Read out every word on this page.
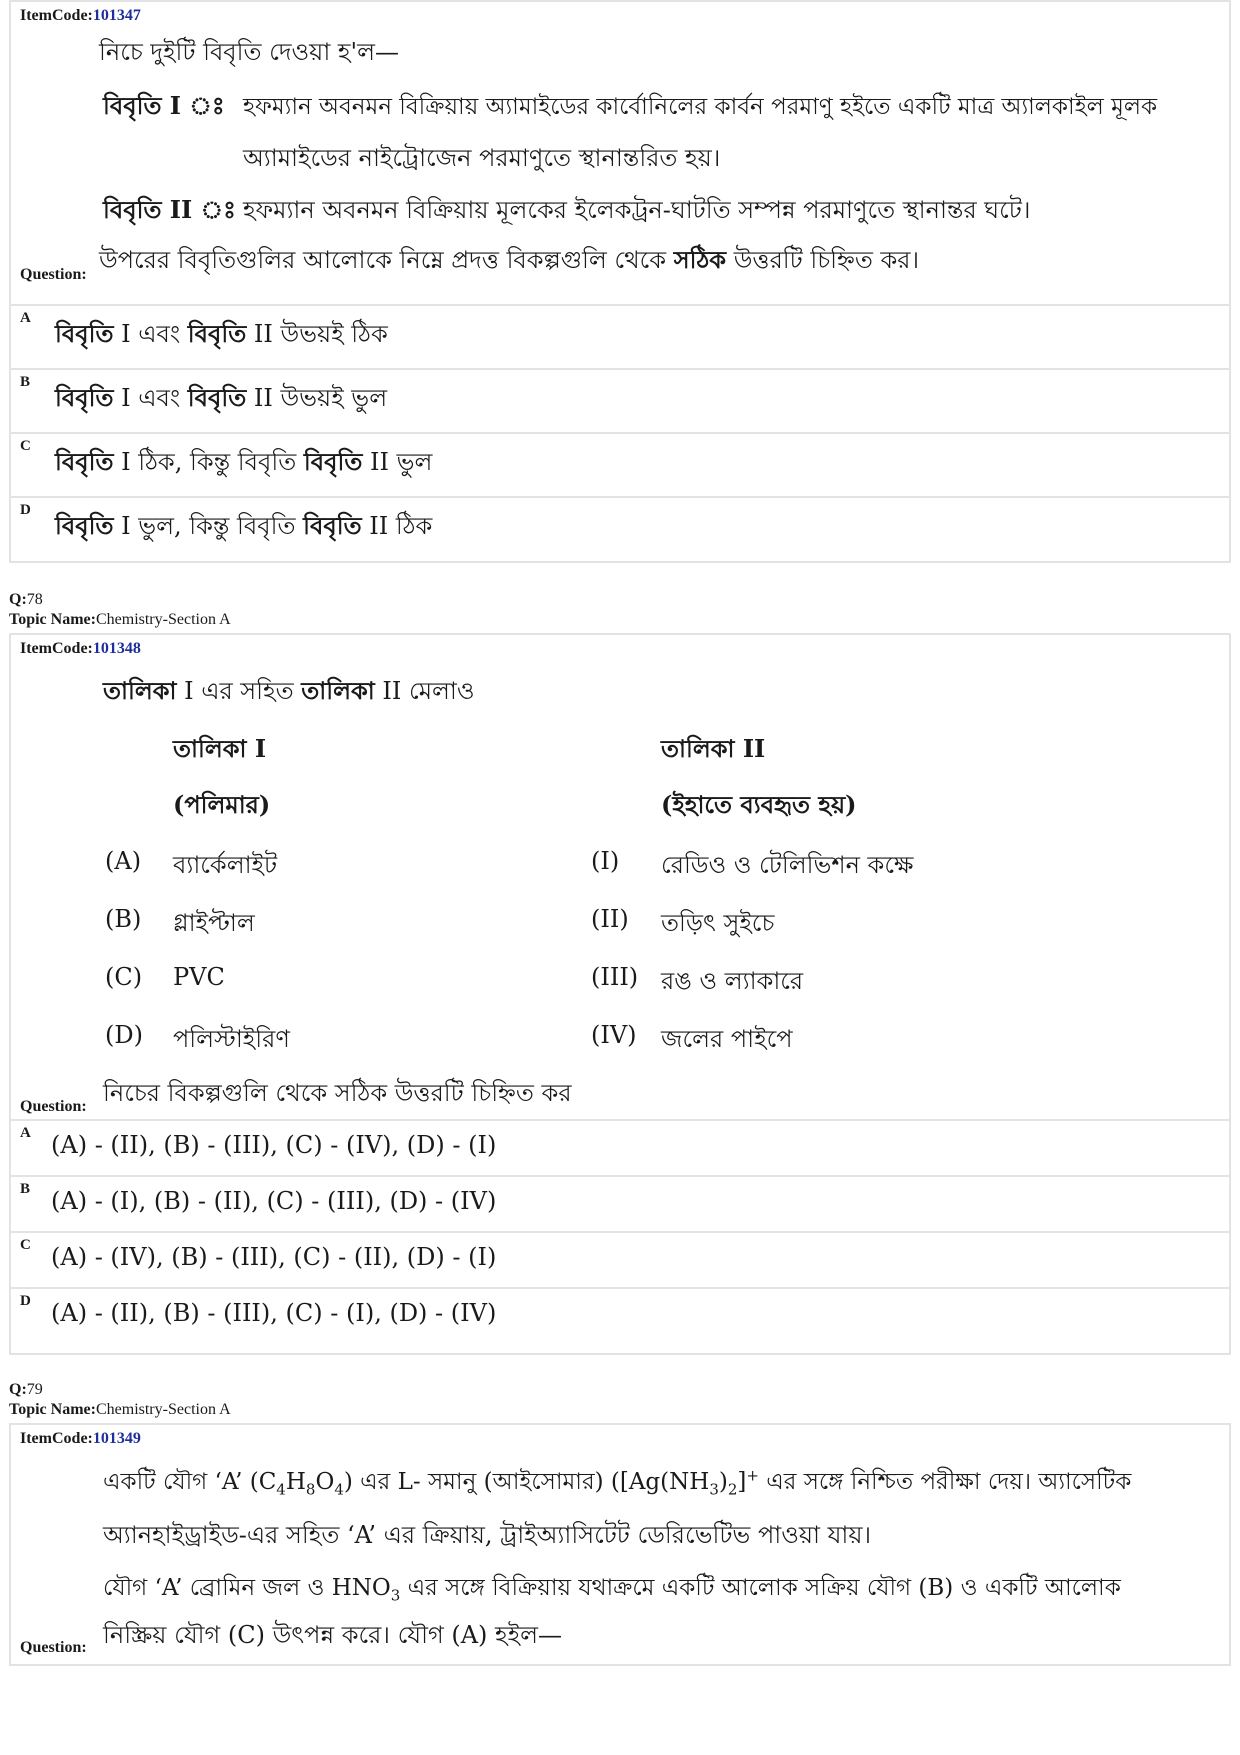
ItemCode:101347
নিচে দুইটি বিবৃতি দেওয়া হ'ল—
বিবৃতি I ঃ হফম্যান অবনমন বিক্রিয়ায় অ্যামাইডের কার্বোনিলের কার্বন পরমাণু হইতে একটি মাত্র অ্যালকাইল মূলক
অ্যামাইডের নাইট্রোজেন পরমাণুতে স্থানান্তরিত হয়।
বিবৃতি II ঃ হফম্যান অবনমন বিক্রিয়ায় মূলকের ইলেকট্রন-ঘাটতি সম্পন্ন পরমাণুতে স্থানান্তর ঘটে।
উপরের বিবৃতিগুলির আলোকে নিম্নে প্রদত্ত বিকল্পগুলি থেকে সঠিক উত্তরটি চিহ্নিত কর।
Question:
A
বিবৃতি I এবং বিবৃতি II উভয়ই ঠিক
B
বিবৃতি I এবং বিবৃতি II উভয়ই ভুল
C
বিবৃতি I ঠিক, কিন্তু বিবৃতি বিবৃতি II ভুল
D
বিবৃতি I ভুল, কিন্তু বিবৃতি বিবৃতি II ঠিক
Q:78
Topic Name:Chemistry-Section A
ItemCode:101348
তালিকা I এর সহিত তালিকা II মেলাও
তালিকা I	তালিকা II
(পলিমার)	(ইহাতে ব্যবহৃত হয়)
(A) ব্যার্কেলাইট	(I) রেডিও ও টেলিভিশন কক্ষে
(B) গ্লাইপ্টাল	(II) তড়িৎ সুইচে
(C) PVC	(III) রঙ ও ল্যাকারে
(D) পলিস্টাইরিণ	(IV) জলের পাইপে
নিচের বিকল্পগুলি থেকে সঠিক উত্তরটি চিহ্নিত কর
Question:
A (A) - (II), (B) - (III), (C) - (IV), (D) - (I)
B (A) - (I), (B) - (II), (C) - (III), (D) - (IV)
C (A) - (IV), (B) - (III), (C) - (II), (D) - (I)
D (A) - (II), (B) - (III), (C) - (I), (D) - (IV)
Q:79
Topic Name:Chemistry-Section A
ItemCode:101349
একটি যৌগ ‘A’ $(C_4H_8O_4)$ এর L- সমানু (আইসোমার) ($[Ag(NH_3)_2]^+$ এর সঙ্গে নিশ্চিত পরীক্ষা দেয়। অ্যাসেটিক
অ্যানহাইড্রাইড-এর সহিত ‘A’ এর ক্রিয়ায়, ট্রাইঅ্যাসিটেট ডেরিভেটিভ পাওয়া যায়।
যৌগ ‘A’ ব্রোমিন জল ও $HNO_3$ এর সঙ্গে বিক্রিয়ায় যথাক্রমে একটি আলোক সক্রিয় যৌগ (B) ও একটি আলোক
নিস্ক্রিয় যৌগ (C) উৎপন্ন করে। যৌগ (A) হইল—
Question:
